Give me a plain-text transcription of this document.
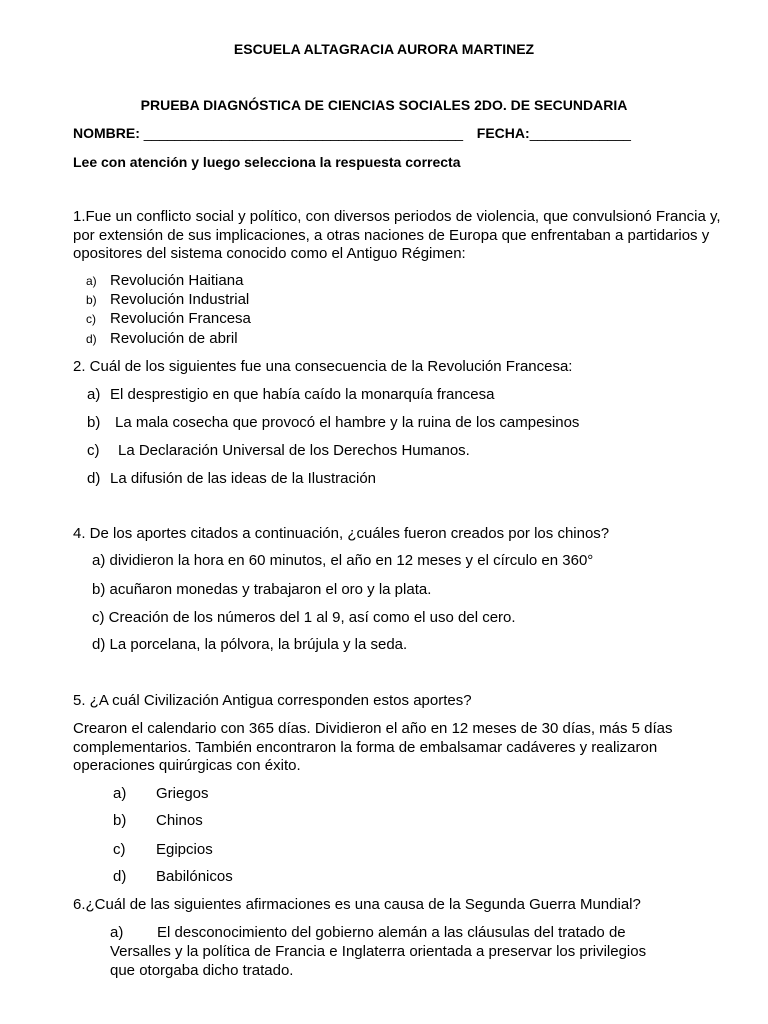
ESCUELA ALTAGRACIA AURORA MARTINEZ
PRUEBA DIAGNÓSTICA DE CIENCIAS SOCIALES 2DO. DE SECUNDARIA
NOMBRE: _________________________________________ FECHA:_____________
Lee con atención y luego selecciona la respuesta correcta
1.Fue un conflicto social y político, con diversos periodos de violencia, que convulsionó Francia y, por extensión de sus implicaciones, a otras naciones de Europa que enfrentaban a partidarios y opositores del sistema conocido como el Antiguo Régimen:
a) Revolución Haitiana
b) Revolución Industrial
c) Revolución Francesa
d) Revolución de abril
2. Cuál de los siguientes fue una consecuencia de la Revolución Francesa:
a) El desprestigio en que había caído la monarquía francesa
b) La mala cosecha que provocó el hambre y la ruina de los campesinos
c) La Declaración Universal de los Derechos Humanos.
d) La difusión de las ideas de la Ilustración
4. De los aportes citados a continuación, ¿cuáles fueron creados por los chinos?
a) dividieron la hora en 60 minutos, el año en 12 meses y el círculo en 360°
b) acuñaron monedas y trabajaron el oro y la plata.
c) Creación de los números del 1 al 9, así como el uso del cero.
d) La porcelana, la pólvora, la brújula y la seda.
5. ¿A cuál Civilización Antigua corresponden estos aportes?
Crearon el calendario con 365 días. Dividieron el año en 12 meses de 30 días, más 5 días complementarios. También encontraron la forma de embalsamar cadáveres y realizaron operaciones quirúrgicas con éxito.
a) Griegos
b) Chinos
c) Egipcios
d) Babilónicos
6.¿Cuál de las siguientes afirmaciones es una causa de la Segunda Guerra Mundial?
a) El desconocimiento del gobierno alemán a las cláusulas del tratado de Versalles y la política de Francia e Inglaterra orientada a preservar los privilegios que otorgaba dicho tratado.
